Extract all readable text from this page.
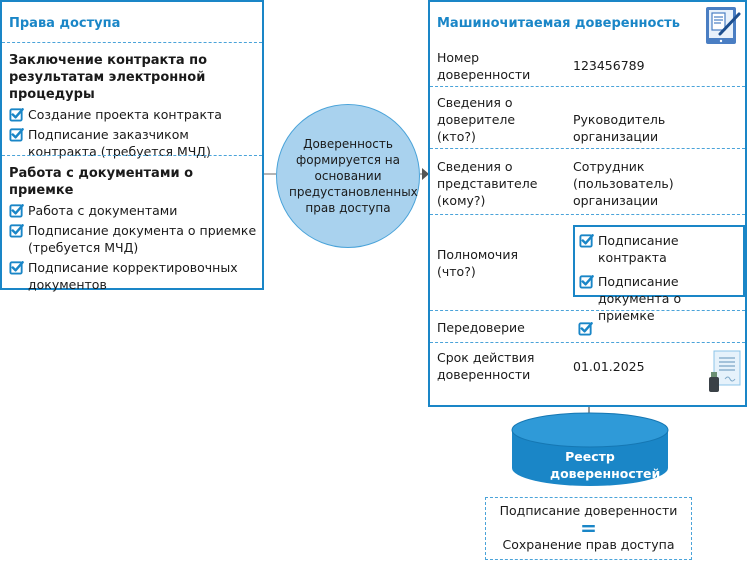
Права доступа
Заключение контракта по результатам электронной процедуры
Создание проекта контракта
Подписание заказчиком контракта (требуется МЧД)
Работа с документами о приемке
Работа с документами
Подписание документа о приемке (требуется МЧД)
Подписание корректировочных документов
Доверенность формируется на основании предустановленных прав доступа
Машиночитаемая доверенность
Номер доверенности
123456789
Сведения о доверителе (кто?)
Руководитель организации
Сведения о представителе (кому?)
Сотрудник (пользователь) организации
Полномочия (что?)
Подписание контракта
Подписание документа о приемке
Передоверие
Срок действия доверенности
01.01.2025
Реестр доверенностей
Подписание доверенности
=
Сохранение прав доступа
